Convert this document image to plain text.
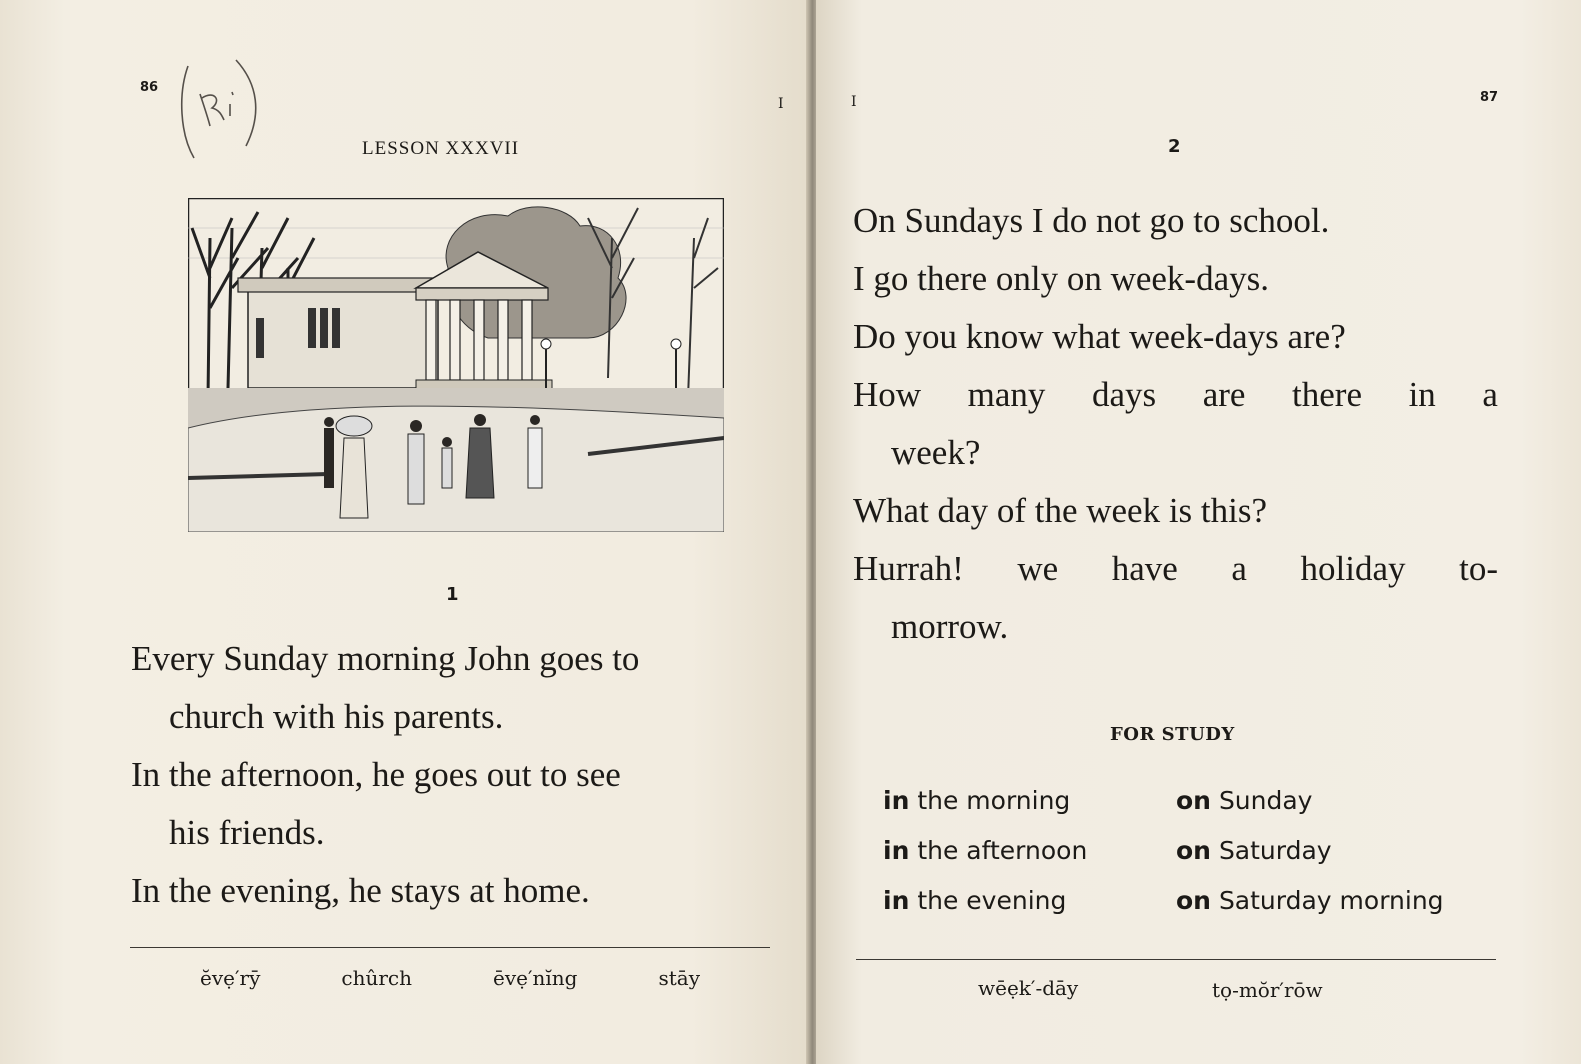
86
I
LESSON XXXVII
1
Every Sunday morning John goes to
church with his parents.
In the afternoon, he goes out to see
his friends.
In the evening, he stays at home.
ĕvẹ′rȳ	chûrch	ēvẹ′nĭng	stāy
I	87
2
On Sundays I do not go to school.
I go there only on week-days.
Do you know what week-days are?
How many days are there in a
week?
What day of the week is this?
Hurrah! we have a holiday to-
morrow.
FOR STUDY
in the morning	on Sunday
in the afternoon	on Saturday
in the evening	on Saturday morning
wēẹk′-dāy	tọ-mŏr′rōw
